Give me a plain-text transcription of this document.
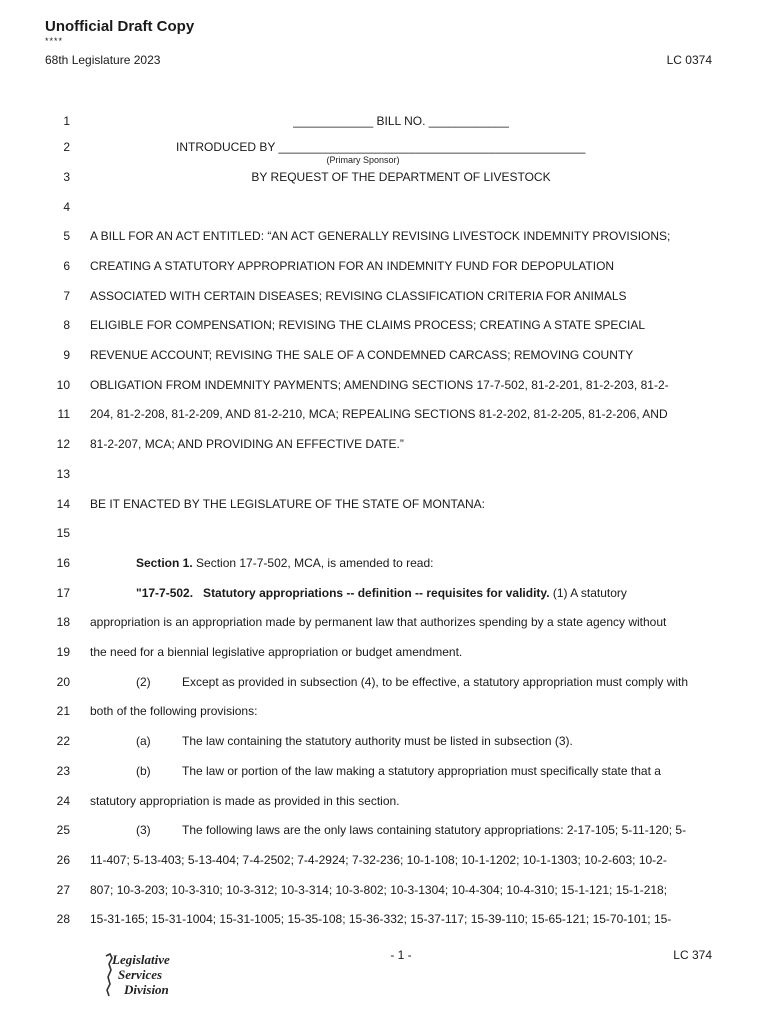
Unofficial Draft Copy
****
68th Legislature 2023	LC 0374
1	____________ BILL NO. ____________
2	INTRODUCED BY ______________________________________________
(Primary Sponsor)
3	BY REQUEST OF THE DEPARTMENT OF LIVESTOCK
4
5 A BILL FOR AN ACT ENTITLED: “AN ACT GENERALLY REVISING LIVESTOCK INDEMNITY PROVISIONS;
6 CREATING A STATUTORY APPROPRIATION FOR AN INDEMNITY FUND FOR DEPOPULATION
7 ASSOCIATED WITH CERTAIN DISEASES; REVISING CLASSIFICATION CRITERIA FOR ANIMALS
8 ELIGIBLE FOR COMPENSATION; REVISING THE CLAIMS PROCESS; CREATING A STATE SPECIAL
9 REVENUE ACCOUNT; REVISING THE SALE OF A CONDEMNED CARCASS; REMOVING COUNTY
10 OBLIGATION FROM INDEMNITY PAYMENTS; AMENDING SECTIONS 17-7-502, 81-2-201, 81-2-203, 81-2-
11 204, 81-2-208, 81-2-209, AND 81-2-210, MCA; REPEALING SECTIONS 81-2-202, 81-2-205, 81-2-206, AND
12 81-2-207, MCA; AND PROVIDING AN EFFECTIVE DATE.”
13
14 BE IT ENACTED BY THE LEGISLATURE OF THE STATE OF MONTANA:
15
16	Section 1. Section 17-7-502, MCA, is amended to read:
17	"17-7-502.   Statutory appropriations -- definition -- requisites for validity. (1) A statutory
18 appropriation is an appropriation made by permanent law that authorizes spending by a state agency without
19 the need for a biennial legislative appropriation or budget amendment.
20	(2)	Except as provided in subsection (4), to be effective, a statutory appropriation must comply with
21 both of the following provisions:
22	(a)	The law containing the statutory authority must be listed in subsection (3).
23	(b)	The law or portion of the law making a statutory appropriation must specifically state that a
24 statutory appropriation is made as provided in this section.
25	(3)	The following laws are the only laws containing statutory appropriations: 2-17-105; 5-11-120; 5-
26 11-407; 5-13-403; 5-13-404; 7-4-2502; 7-4-2924; 7-32-236; 10-1-108; 10-1-1202; 10-1-1303; 10-2-603; 10-2-
27 807; 10-3-203; 10-3-310; 10-3-312; 10-3-314; 10-3-802; 10-3-1304; 10-4-304; 10-4-310; 15-1-121; 15-1-218;
28 15-31-165; 15-31-1004; 15-31-1005; 15-35-108; 15-36-332; 15-37-117; 15-39-110; 15-65-121; 15-70-101; 15-
- 1 -	LC 374
Legislative
Services
Division
